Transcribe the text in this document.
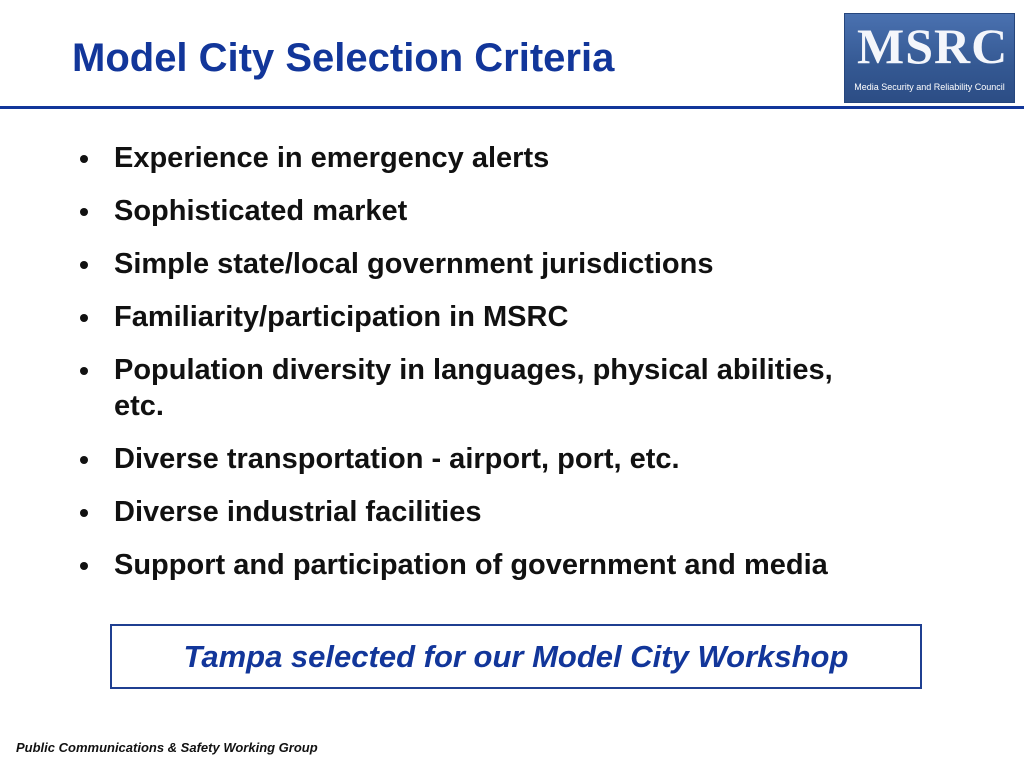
Model City Selection Criteria	MSRC
Media Security and Reliability Council
Experience in emergency alerts
Sophisticated market
Simple state/local government jurisdictions
Familiarity/participation in MSRC
Population diversity in languages, physical abilities, etc.
Diverse transportation - airport, port, etc.
Diverse industrial facilities
Support and participation of government and media
Tampa selected for our Model City Workshop
Public Communications & Safety Working Group
